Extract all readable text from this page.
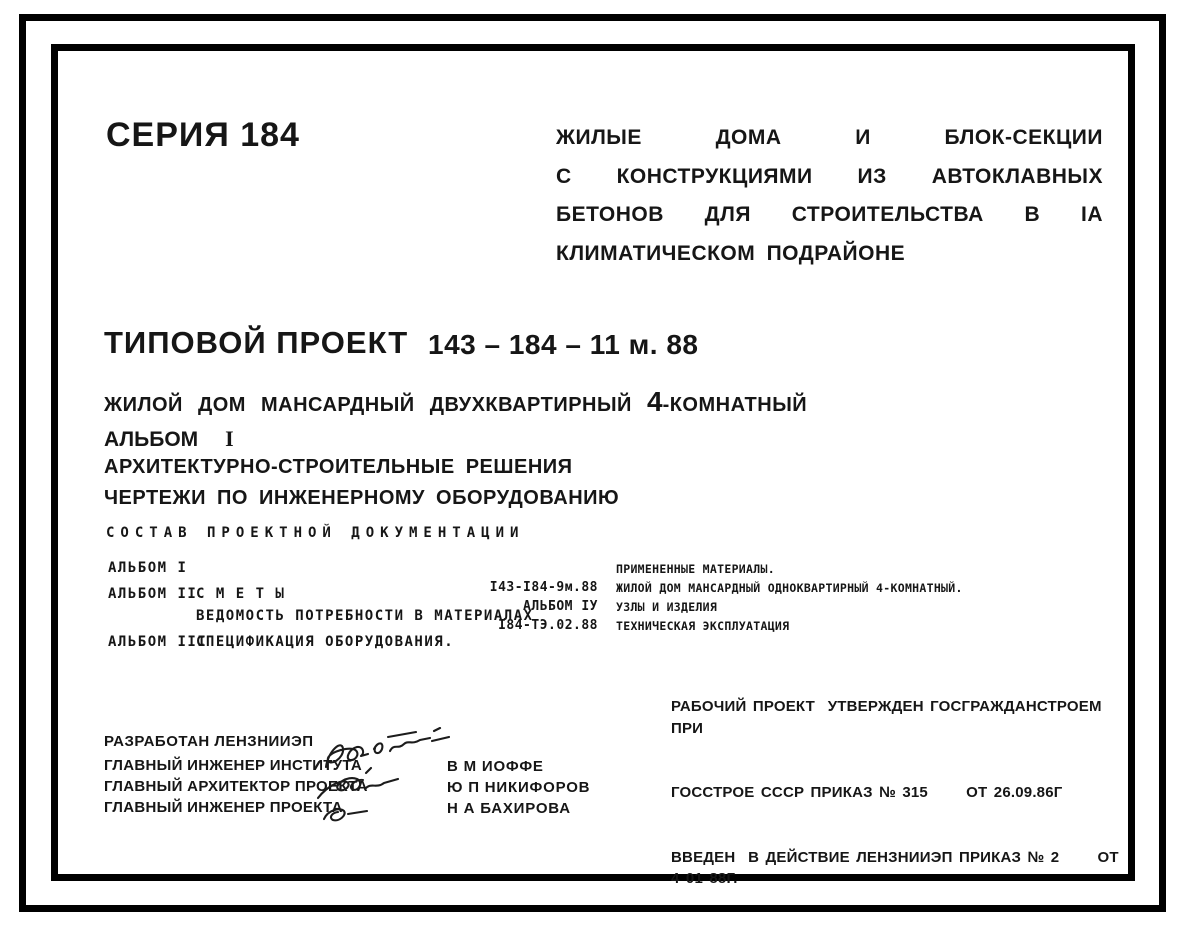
СЕРИЯ 184	ЖИЛЫЕ ДОМА И БЛОК-СЕКЦИИ
С КОНСТРУКЦИЯМИ ИЗ АВТОКЛАВНЫХ
БЕТОНОВ ДЛЯ СТРОИТЕЛЬСТВА В IА
КЛИМАТИЧЕСКОМ ПОДРАЙОНЕ
ТИПОВОЙ ПРОЕКТ 143 – 184 – 11 м. 88
ЖИЛОЙ ДОМ МАНСАРДНЫЙ ДВУХКВАРТИРНЫЙ 4-КОМНАТНЫЙ
АЛЬБОМ I
АРХИТЕКТУРНО-СТРОИТЕЛЬНЫЕ РЕШЕНИЯ
ЧЕРТЕЖИ ПО ИНЖЕНЕРНОМУ ОБОРУДОВАНИЮ
СОСТАВ ПРОЕКТНОЙ ДОКУМЕНТАЦИИ
АЛЬБОМ I
АЛЬБОМ II
С М Е Т Ы
ВЕДОМОСТЬ ПОТРЕБНОСТИ В МАТЕРИАЛАХ
АЛЬБОМ III
СПЕЦИФИКАЦИЯ ОБОРУДОВАНИЯ.
I43-I84-9м.88
АЛЬБОМ IУ
I84-ТЭ.02.88
ПРИМЕНЕННЫЕ МАТЕРИАЛЫ.
ЖИЛОЙ ДОМ МАНСАРДНЫЙ ОДНОКВАРТИРНЫЙ 4-КОМНАТНЫЙ.
УЗЛЫ И ИЗДЕЛИЯ
ТЕХНИЧЕСКАЯ ЭКСПЛУАТАЦИЯ

РАБОЧИЙ ПРОЕКТ  УТВЕРЖДЕН ГОСГРАЖДАНСТРОЕМ ПРИ

ГОССТРОЕ СССР ПРИКАЗ № 315      ОТ 26.09.86Г

ВВЕДЕН  В ДЕЙСТВИЕ ЛЕНЗНИИЭП ПРИКАЗ № 2      ОТ 4 01 88Г.

РАЗРАБОТАН ЛЕНЗНИИЭП
ГЛАВНЫЙ ИНЖЕНЕР ИНСТИТУТА
ГЛАВНЫЙ АРХИТЕКТОР ПРОЕКТА
ГЛАВНЫЙ ИНЖЕНЕР ПРОЕКТА
В М ИОФФЕ
Ю П НИКИФОРОВ
Н А БАХИРОВА
